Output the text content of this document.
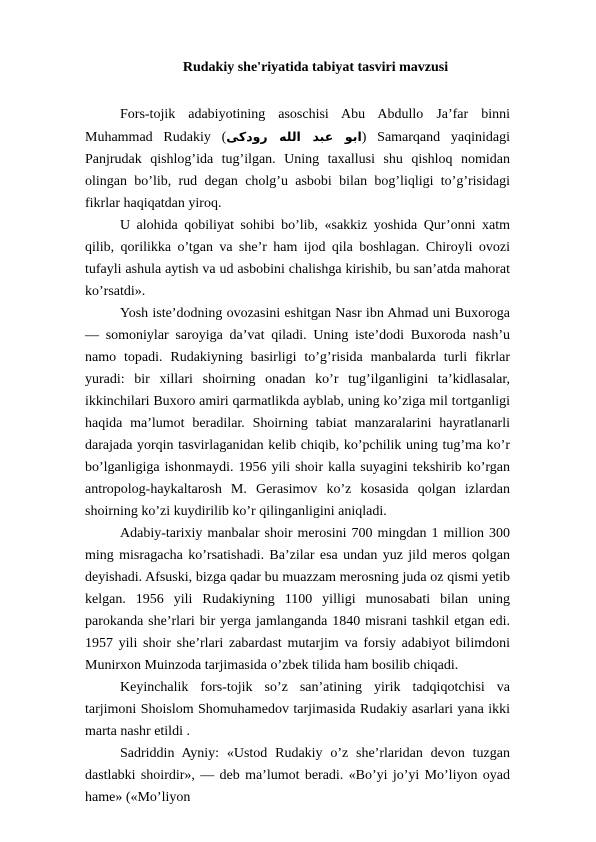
Rudakiy she'riyatida tabiyat tasviri mavzusi

Fors-tojik adabiyotining asoschisi Abu Abdullo Ja’far binni Muhammad Rudakiy (ابو عبد الله رودکی) Samarqand yaqinidagi Panjrudak qishlog’ida tug’ilgan. Uning taxallusi shu qishloq nomidan olingan bo’lib, rud degan cholg’u asbobi bilan bog’liqligi to’g’risidagi fikrlar haqiqatdan yiroq.

U alohida qobiliyat sohibi bo’lib, «sakkiz yoshida Qur’onni xatm qilib, qorilikka o’tgan va she’r ham ijod qila boshlagan. Chiroyli ovozi tufayli ashula aytish va ud asbobini chalishga kirishib, bu san’atda mahorat ko’rsatdi».

Yosh iste’dodning ovozasini eshitgan Nasr ibn Ahmad uni Buxoroga — somoniylar saroyiga da’vat qiladi. Uning iste’dodi Buxoroda nash’u namo topadi. Rudakiyning basirligi to’g’risida manbalarda turli fikrlar yuradi: bir xillari shoirning onadan ko’r tug’ilganligini ta’kidlasalar, ikkinchilari Buxoro amiri qarmatlikda ayblab, uning ko’ziga mil tortganligi haqida ma’lumot beradilar. Shoirning tabiat manzaralarini hayratlanarli darajada yorqin tasvirlaganidan kelib chiqib, ko’pchilik uning tug’ma ko’r bo’lganligiga ishonmaydi. 1956 yili shoir kalla suyagini tekshirib ko’rgan antropolog-haykaltarosh M. Gerasimov ko’z kosasida qolgan izlardan shoirning ko’zi kuydirilib ko’r qilinganligini aniqladi.

Adabiy-tarixiy manbalar shoir merosini 700 mingdan 1 million 300 ming misragacha ko’rsatishadi. Ba’zilar esa undan yuz jild meros qolgan deyishadi. Afsuski, bizga qadar bu muazzam merosning juda oz qismi yetib kelgan. 1956 yili Rudakiyning 1100 yilligi munosabati bilan uning parokanda she’rlari bir yerga jamlanganda 1840 misrani tashkil etgan edi. 1957 yili shoir she’rlari zabardast mutarjim va forsiy adabiyot bilimdoni Munirxon Muinzoda tarjimasida o’zbek tilida ham bosilib chiqadi.

Keyinchalik fors-tojik so’z san’atining yirik tadqiqotchisi va tarjimoni Shoislom Shomuhamedov tarjimasida Rudakiy asarlari yana ikki marta nashr etildi .

Sadriddin Ayniy: «Ustod Rudakiy o’z she’rlaridan devon tuzgan dastlabki shoirdir», — deb ma’lumot beradi. «Bo’yi jo’yi Mo’liyon oyad hame» («Mo’liyon
